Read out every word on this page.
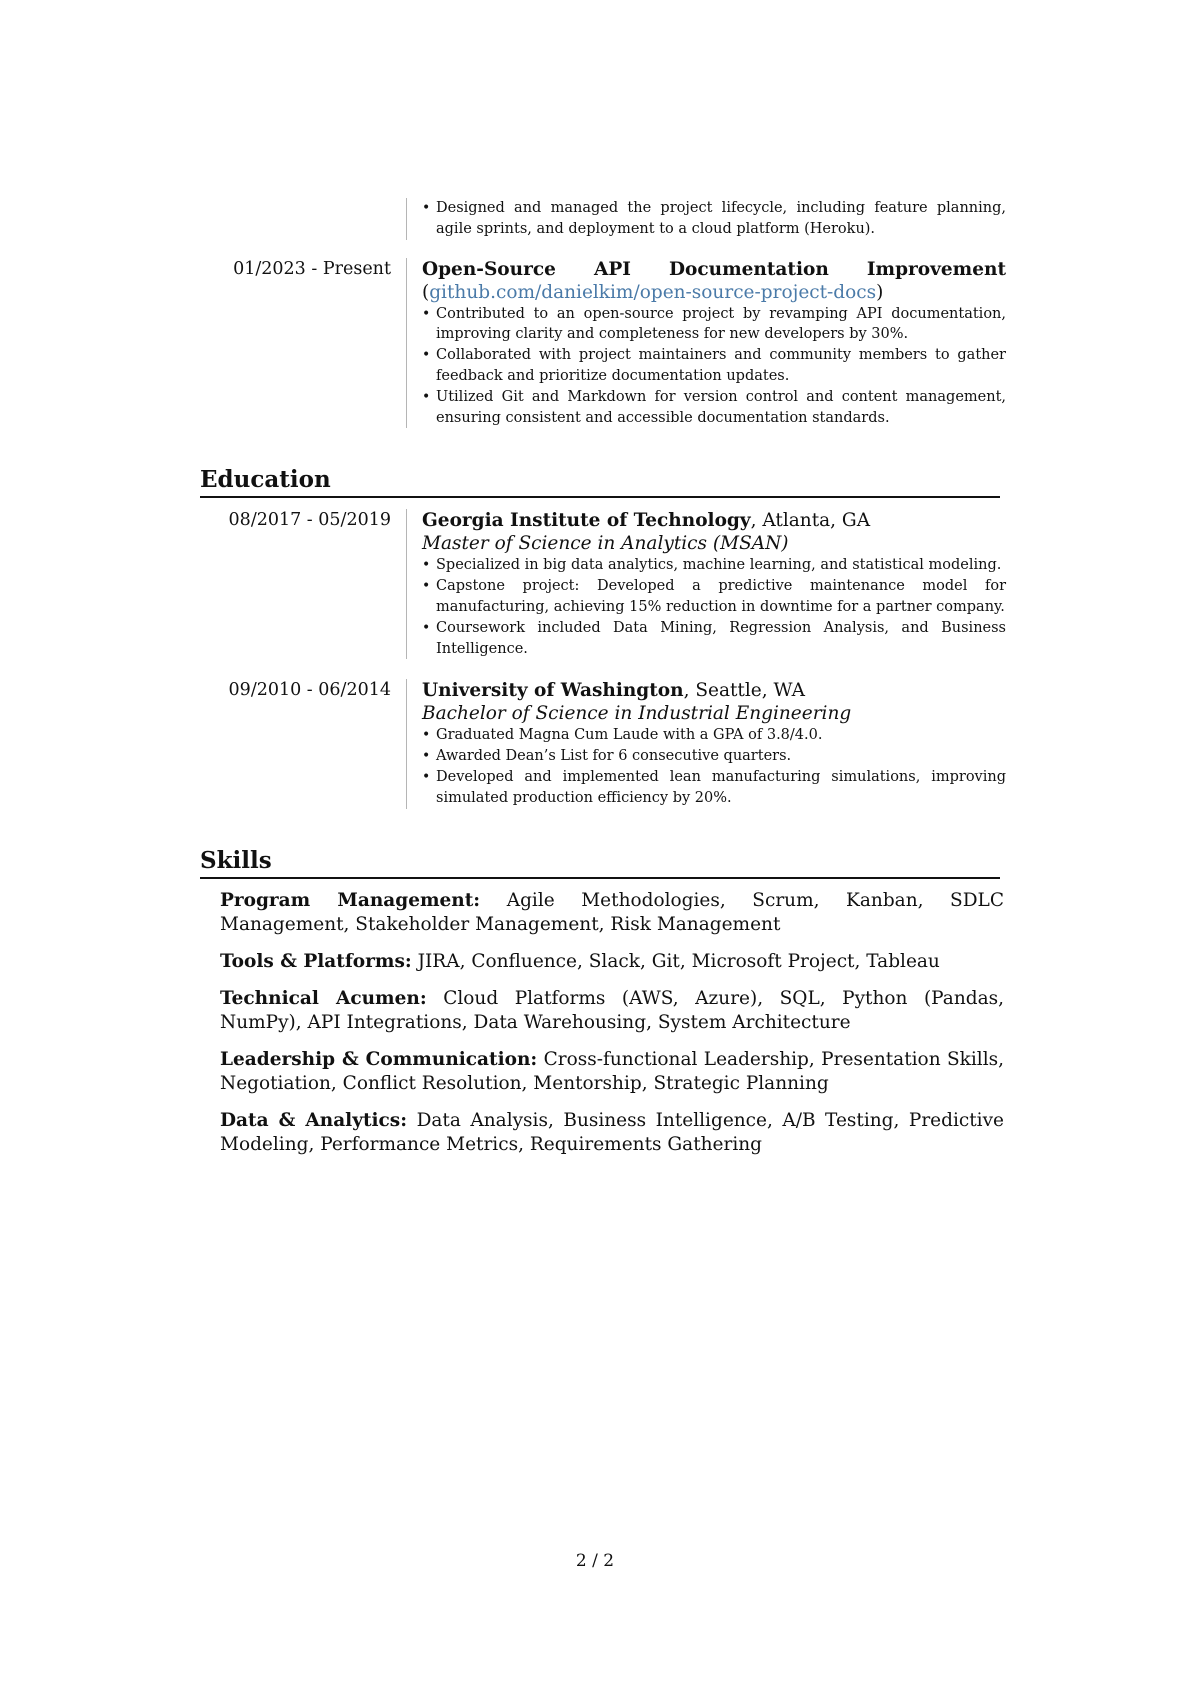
• Designed and managed the project lifecycle, including feature planning, agile sprints, and deployment to a cloud platform (Heroku).
01/2023 - Present Open-Source API Documentation Improvement (github.com/danielkim/open-source-project-docs)
• Contributed to an open-source project by revamping API documentation, improving clarity and completeness for new developers by 30%.
• Collaborated with project maintainers and community members to gather feedback and prioritize documentation updates.
• Utilized Git and Markdown for version control and content management, ensuring consistent and accessible documentation standards.
Education
08/2017 - 05/2019 Georgia Institute of Technology, Atlanta, GA
Master of Science in Analytics (MSAN)
• Specialized in big data analytics, machine learning, and statistical modeling.
• Capstone project: Developed a predictive maintenance model for manufacturing, achieving 15% reduction in downtime for a partner company.
• Coursework included Data Mining, Regression Analysis, and Business Intelligence.
09/2010 - 06/2014 University of Washington, Seattle, WA
Bachelor of Science in Industrial Engineering
• Graduated Magna Cum Laude with a GPA of 3.8/4.0.
• Awarded Dean’s List for 6 consecutive quarters.
• Developed and implemented lean manufacturing simulations, improving simulated production efficiency by 20%.
Skills
Program Management: Agile Methodologies, Scrum, Kanban, SDLC Management, Stakeholder Management, Risk Management
Tools & Platforms: JIRA, Confluence, Slack, Git, Microsoft Project, Tableau
Technical Acumen: Cloud Platforms (AWS, Azure), SQL, Python (Pandas, NumPy), API Integrations, Data Warehousing, System Architecture
Leadership & Communication: Cross-functional Leadership, Presentation Skills, Negotiation, Conflict Resolution, Mentorship, Strategic Planning
Data & Analytics: Data Analysis, Business Intelligence, A/B Testing, Predictive Modeling, Performance Metrics, Requirements Gathering
2 / 2
